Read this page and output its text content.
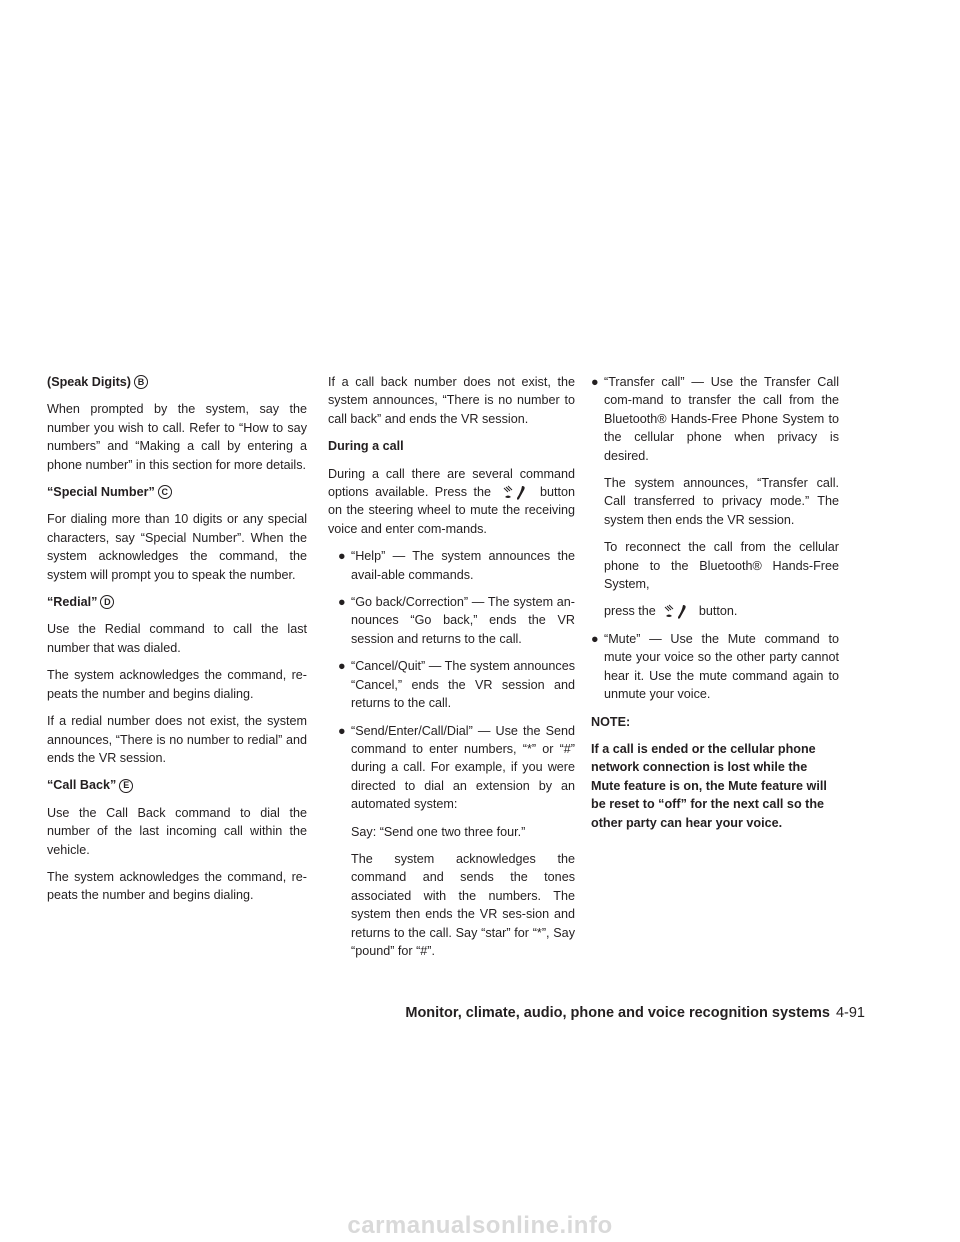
(Speak Digits) B

When prompted by the system, say the number you wish to call. Refer to “How to say numbers” and “Making a call by entering a phone number” in this section for more details.

“Special Number” C

For dialing more than 10 digits or any special characters, say “Special Number”. When the system acknowledges the command, the system will prompt you to speak the number.

“Redial” D

Use the Redial command to call the last number that was dialed.

The system acknowledges the command, re-peats the number and begins dialing.

If a redial number does not exist, the system announces, “There is no number to redial” and ends the VR session.

“Call Back” E

Use the Call Back command to dial the number of the last incoming call within the vehicle.

The system acknowledges the command, re-peats the number and begins dialing.

If a call back number does not exist, the system announces, “There is no number to call back” and ends the VR session.

During a call

During a call there are several command options available. Press the	button on the steering wheel to mute the receiving voice and enter com-mands.

● “Help” — The system announces the avail-able commands.
● “Go back/Correction” — The system an-nounces “Go back,” ends the VR session and returns to the call.
● “Cancel/Quit” — The system announces “Cancel,” ends the VR session and returns to the call.
● “Send/Enter/Call/Dial” — Use the Send command to enter numbers, “*” or “#” during a call. For example, if you were directed to dial an extension by an automated system:

Say: “Send one two three four.”

The system acknowledges the command and sends the tones associated with the numbers. The system then ends the VR ses-sion and returns to the call. Say “star” for “*”, Say “pound” for “#”.

● “Transfer call” — Use the Transfer Call com-mand to transfer the call from the Bluetooth® Hands-Free Phone System to the cellular phone when privacy is desired.

The system announces, “Transfer call. Call transferred to privacy mode.” The system then ends the VR session.

To reconnect the call from the cellular phone to the Bluetooth® Hands-Free System,

press the	button.

● “Mute” — Use the Mute command to mute your voice so the other party cannot hear it. Use the mute command again to unmute your voice.
NOTE:

If a call is ended or the cellular phone network connection is lost while the Mute feature is on, the Mute feature will be reset to “off” for the next call so the other party can hear your voice.

Monitor, climate, audio, phone and voice recognition systems 4-91
carmanualsonline.info
